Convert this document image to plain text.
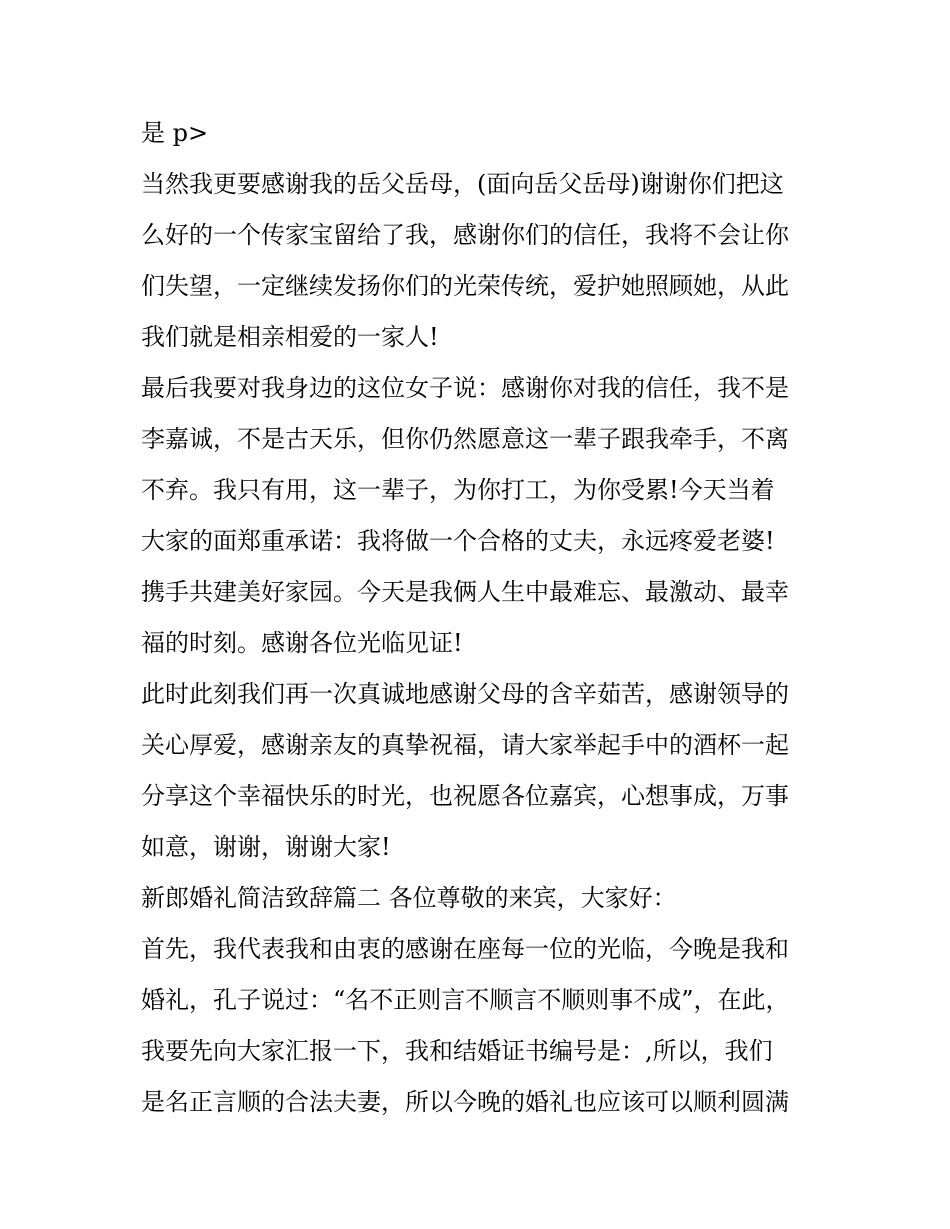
是 p>
当然我更要感谢我的岳父岳母，(面向岳父岳母)谢谢你们把这
么好的一个传家宝留给了我，感谢你们的信任，我将不会让你
们失望，一定继续发扬你们的光荣传统，爱护她照顾她，从此
我们就是相亲相爱的一家人!
最后我要对我身边的这位女子说：感谢你对我的信任，我不是
李嘉诚，不是古天乐，但你仍然愿意这一辈子跟我牵手，不离
不弃。我只有用，这一辈子，为你打工，为你受累!今天当着
大家的面郑重承诺：我将做一个合格的丈夫，永远疼爱老婆!
携手共建美好家园。今天是我俩人生中最难忘、最激动、最幸
福的时刻。感谢各位光临见证!
此时此刻我们再一次真诚地感谢父母的含辛茹苦，感谢领导的
关心厚爱，感谢亲友的真挚祝福，请大家举起手中的酒杯一起
分享这个幸福快乐的时光，也祝愿各位嘉宾，心想事成，万事
如意，谢谢，谢谢大家!
新郎婚礼简洁致辞篇二 各位尊敬的来宾，大家好：
首先，我代表我和由衷的感谢在座每一位的光临，今晚是我和
婚礼，孔子说过：“名不正则言不顺言不顺则事不成”，在此，
我要先向大家汇报一下，我和结婚证书编号是：,所以，我们
是名正言顺的合法夫妻，所以今晚的婚礼也应该可以顺利圆满
